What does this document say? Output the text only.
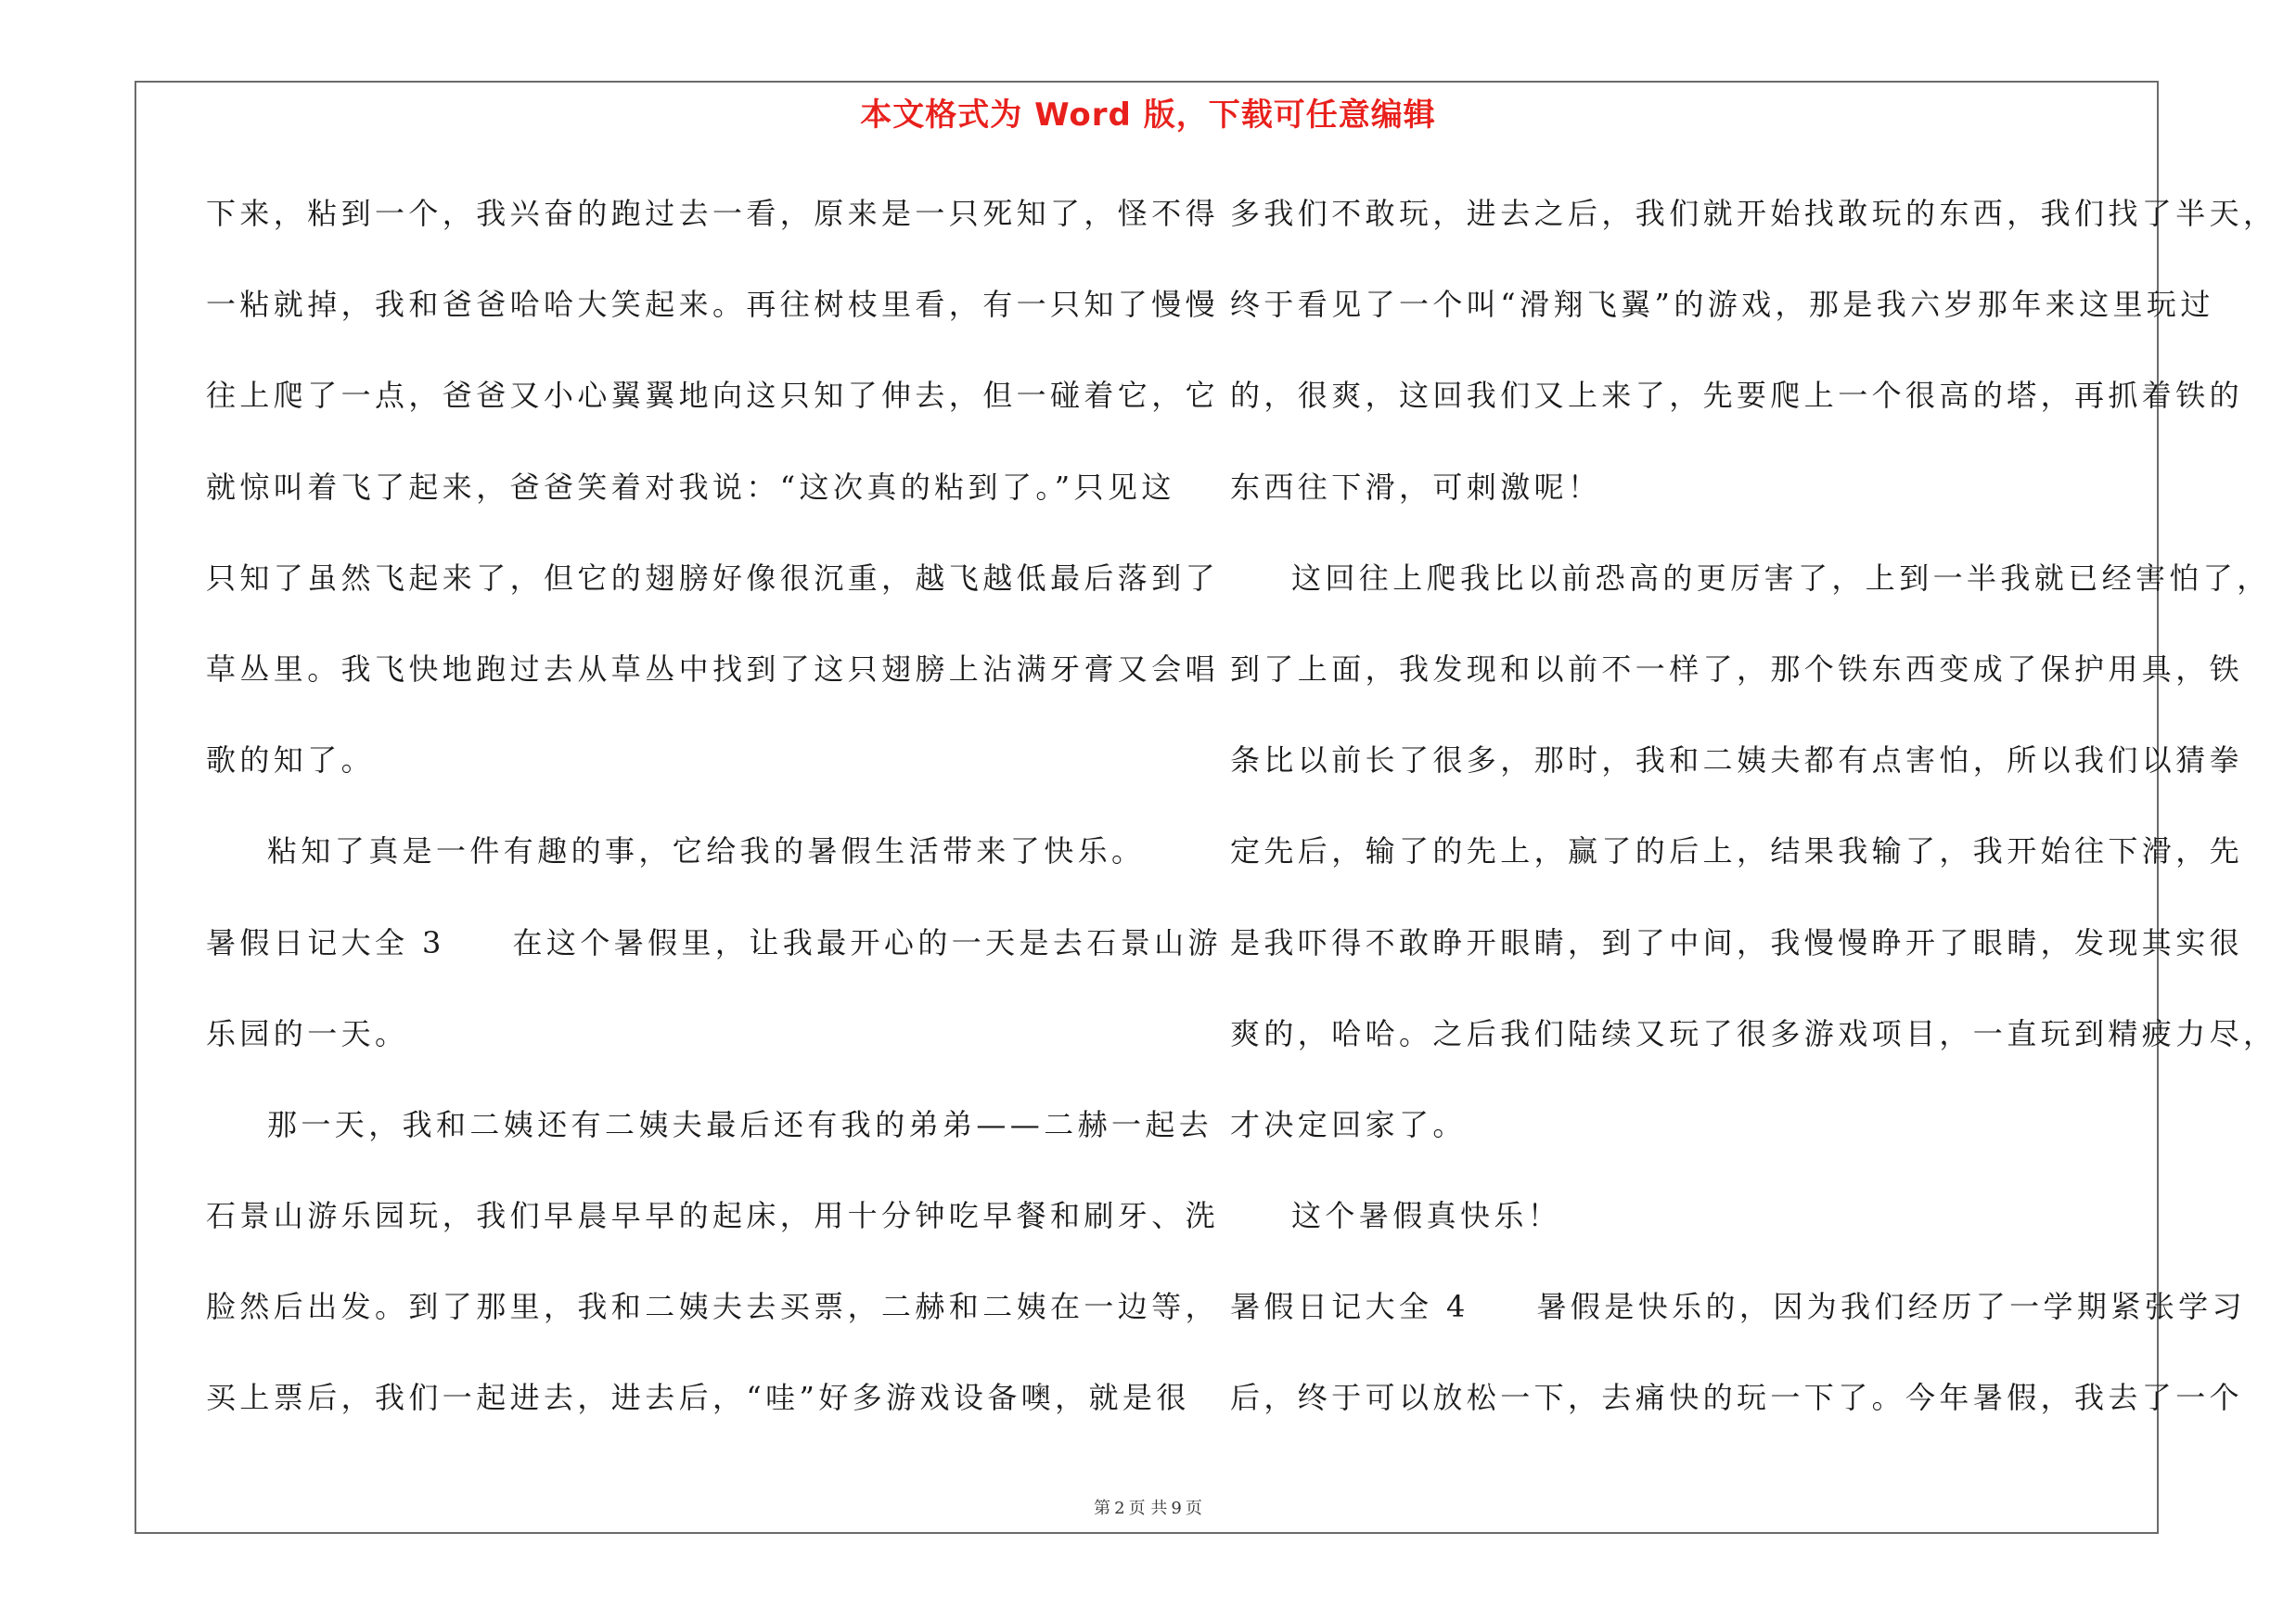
本文格式为 Word 版，下载可任意编辑
下来，粘到一个，我兴奋的跑过去一看，原来是一只死知了，怪不得
一粘就掉，我和爸爸哈哈大笑起来。再往树枝里看，有一只知了慢慢
往上爬了一点，爸爸又小心翼翼地向这只知了伸去，但一碰着它，它
就惊叫着飞了起来，爸爸笑着对我说：“这次真的粘到了。”只见这
只知了虽然飞起来了，但它的翅膀好像很沉重，越飞越低最后落到了
草丛里。我飞快地跑过去从草丛中找到了这只翅膀上沾满牙膏又会唱
歌的知了。
粘知了真是一件有趣的事，它给我的暑假生活带来了快乐。
暑假日记大全 3　　在这个暑假里，让我最开心的一天是去石景山游
乐园的一天。
那一天，我和二姨还有二姨夫最后还有我的弟弟——二赫一起去
石景山游乐园玩，我们早晨早早的起床，用十分钟吃早餐和刷牙、洗
脸然后出发。到了那里，我和二姨夫去买票，二赫和二姨在一边等，
买上票后，我们一起进去，进去后，“哇”好多游戏设备噢，就是很
多我们不敢玩，进去之后，我们就开始找敢玩的东西，我们找了半天，
终于看见了一个叫“滑翔飞翼”的游戏，那是我六岁那年来这里玩过
的，很爽，这回我们又上来了，先要爬上一个很高的塔，再抓着铁的
东西往下滑，可刺激呢！
这回往上爬我比以前恐高的更厉害了，上到一半我就已经害怕了，
到了上面，我发现和以前不一样了，那个铁东西变成了保护用具，铁
条比以前长了很多，那时，我和二姨夫都有点害怕，所以我们以猜拳
定先后，输了的先上，赢了的后上，结果我输了，我开始往下滑，先
是我吓得不敢睁开眼睛，到了中间，我慢慢睁开了眼睛，发现其实很
爽的，哈哈。之后我们陆续又玩了很多游戏项目，一直玩到精疲力尽，
才决定回家了。
这个暑假真快乐！
暑假日记大全 4　　暑假是快乐的，因为我们经历了一学期紧张学习
后，终于可以放松一下，去痛快的玩一下了。今年暑假，我去了一个
第 2 页 共 9 页
